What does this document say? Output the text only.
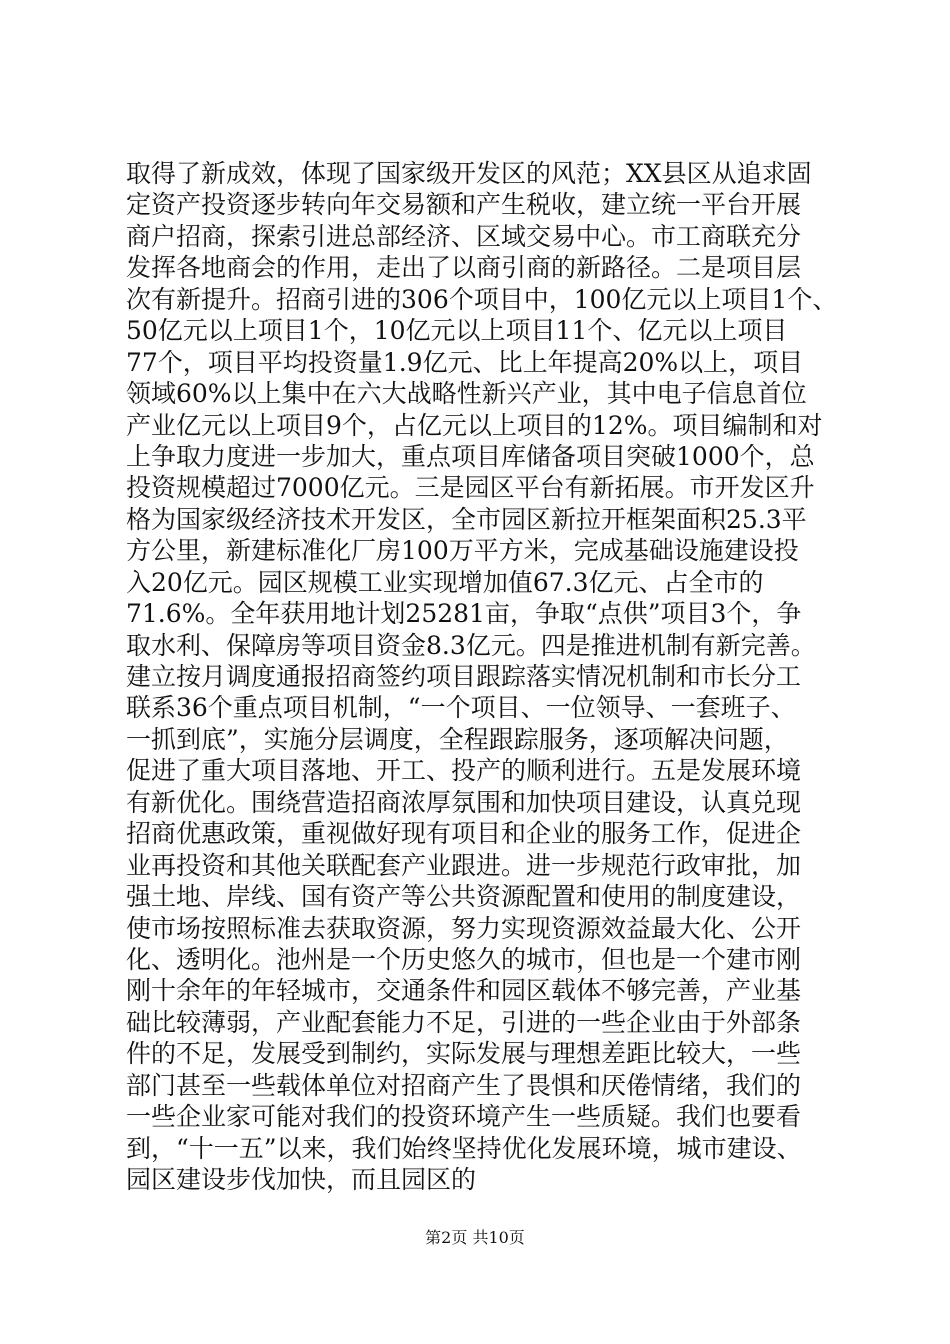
取得了新成效，体现了国家级开发区的风范；XX县区从追求固
定资产投资逐步转向年交易额和产生税收，建立统一平台开展
商户招商，探索引进总部经济、区域交易中心。市工商联充分
发挥各地商会的作用，走出了以商引商的新路径。二是项目层
次有新提升。招商引进的306个项目中，100亿元以上项目1个、
50亿元以上项目1个，10亿元以上项目11个、亿元以上项目
77个，项目平均投资量1.9亿元、比上年提高20%以上，项目
领域60%以上集中在六大战略性新兴产业，其中电子信息首位
产业亿元以上项目9个，占亿元以上项目的12%。项目编制和对
上争取力度进一步加大，重点项目库储备项目突破1000个，总
投资规模超过7000亿元。三是园区平台有新拓展。市开发区升
格为国家级经济技术开发区，全市园区新拉开框架面积25.3平
方公里，新建标准化厂房100万平方米，完成基础设施建设投
入20亿元。园区规模工业实现增加值67.3亿元、占全市的
71.6%。全年获用地计划25281亩，争取“点供”项目3个，争
取水利、保障房等项目资金8.3亿元。四是推进机制有新完善。
建立按月调度通报招商签约项目跟踪落实情况机制和市长分工
联系36个重点项目机制，“一个项目、一位领导、一套班子、
一抓到底”，实施分层调度，全程跟踪服务，逐项解决问题，
促进了重大项目落地、开工、投产的顺利进行。五是发展环境
有新优化。围绕营造招商浓厚氛围和加快项目建设，认真兑现
招商优惠政策，重视做好现有项目和企业的服务工作，促进企
业再投资和其他关联配套产业跟进。进一步规范行政审批，加
强土地、岸线、国有资产等公共资源配置和使用的制度建设，
使市场按照标准去获取资源，努力实现资源效益最大化、公开
化、透明化。池州是一个历史悠久的城市，但也是一个建市刚
刚十余年的年轻城市，交通条件和园区载体不够完善，产业基
础比较薄弱，产业配套能力不足，引进的一些企业由于外部条
件的不足，发展受到制约，实际发展与理想差距比较大，一些
部门甚至一些载体单位对招商产生了畏惧和厌倦情绪，我们的
一些企业家可能对我们的投资环境产生一些质疑。我们也要看
到，“十一五”以来，我们始终坚持优化发展环境，城市建设、
园区建设步伐加快，而且园区的
第2页 共10页
